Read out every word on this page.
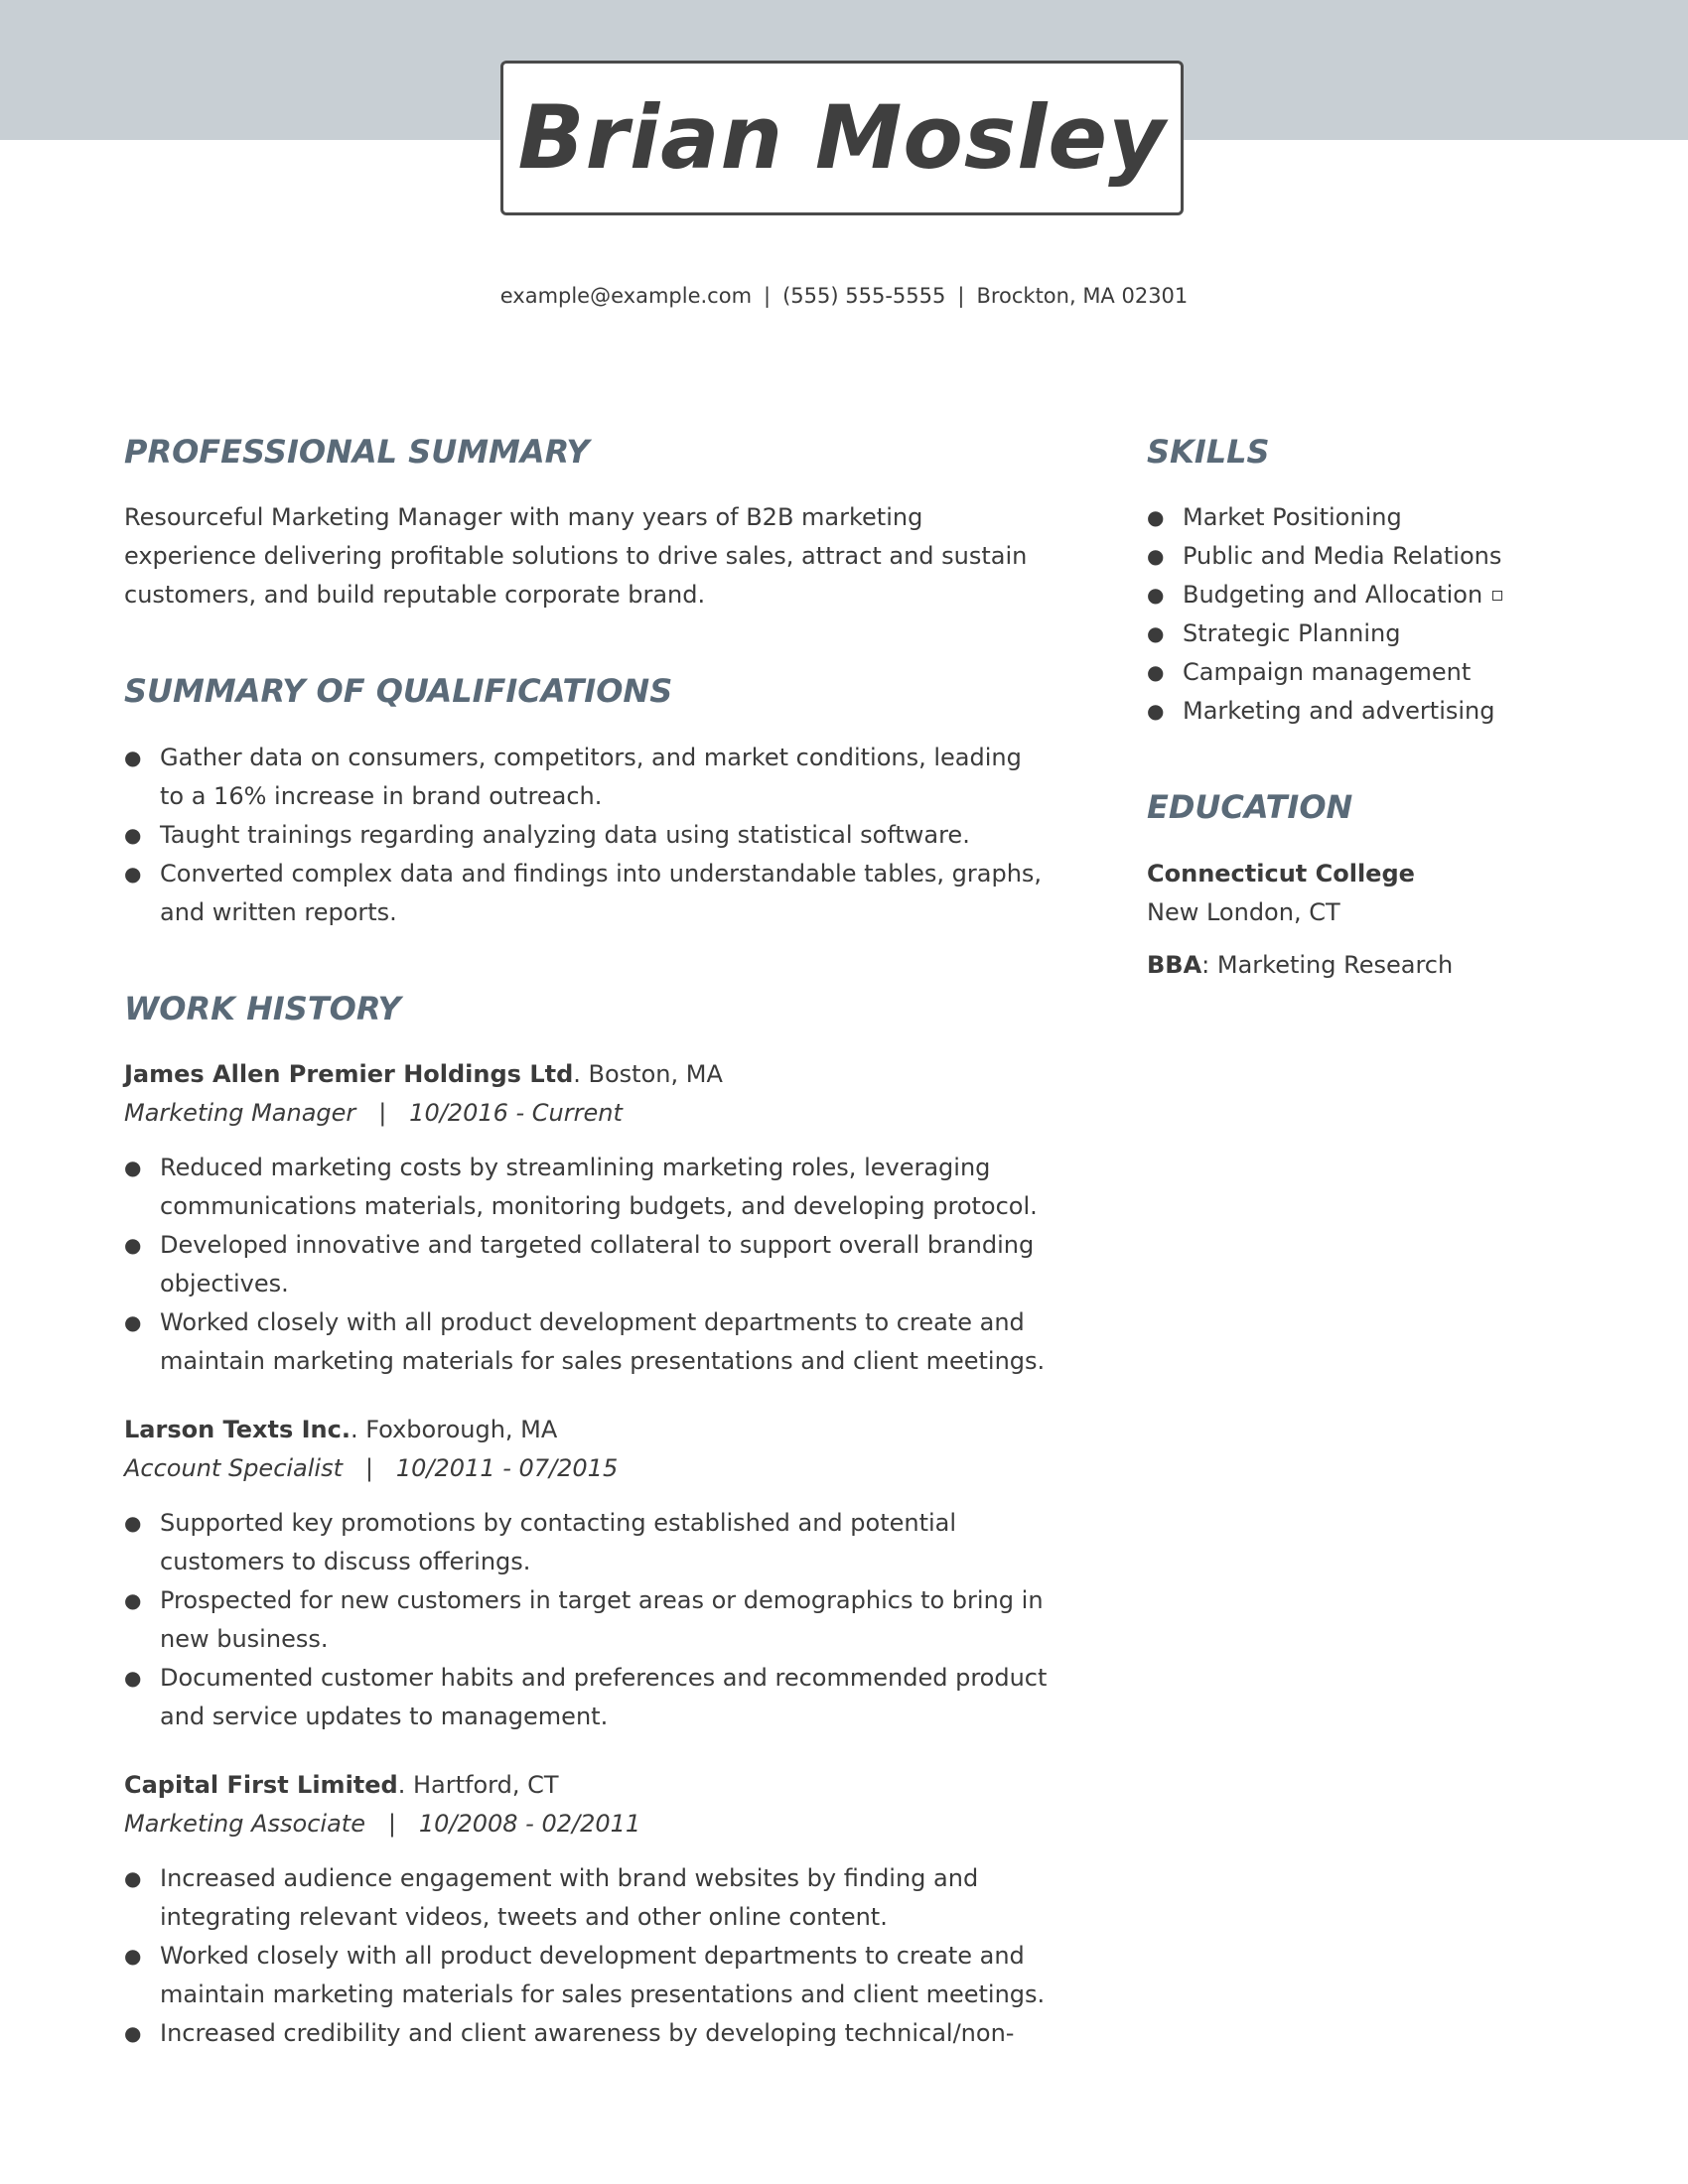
Brian Mosley
example@example.com | (555) 555-5555 | Brockton, MA 02301
PROFESSIONAL SUMMARY

Resourceful Marketing Manager with many years of B2B marketing experience delivering profitable solutions to drive sales, attract and sustain customers, and build reputable corporate brand.

SUMMARY OF QUALIFICATIONS
● Gather data on consumers, competitors, and market conditions, leading to a 16% increase in brand outreach.
● Taught trainings regarding analyzing data using statistical software.
● Converted complex data and findings into understandable tables, graphs, and written reports.
WORK HISTORY
James Allen Premier Holdings Ltd. Boston, MA
Marketing Manager | 10/2016 - Current
● Reduced marketing costs by streamlining marketing roles, leveraging communications materials, monitoring budgets, and developing protocol.
● Developed innovative and targeted collateral to support overall branding objectives.
● Worked closely with all product development departments to create and maintain marketing materials for sales presentations and client meetings.
Larson Texts Inc.. Foxborough, MA
Account Specialist | 10/2011 - 07/2015
● Supported key promotions by contacting established and potential customers to discuss offerings.
● Prospected for new customers in target areas or demographics to bring in new business.
● Documented customer habits and preferences and recommended product and service updates to management.
Capital First Limited. Hartford, CT
Marketing Associate | 10/2008 - 02/2011
● Increased audience engagement with brand websites by finding and integrating relevant videos, tweets and other online content.
● Worked closely with all product development departments to create and maintain marketing materials for sales presentations and client meetings.
● Increased credibility and client awareness by developing technical/non-
SKILLS
● Market Positioning
● Public and Media Relations
● Budgeting and Allocation
● Strategic Planning
● Campaign management
● Marketing and advertising
EDUCATION
Connecticut College
New London, CT
BBA: Marketing Research
